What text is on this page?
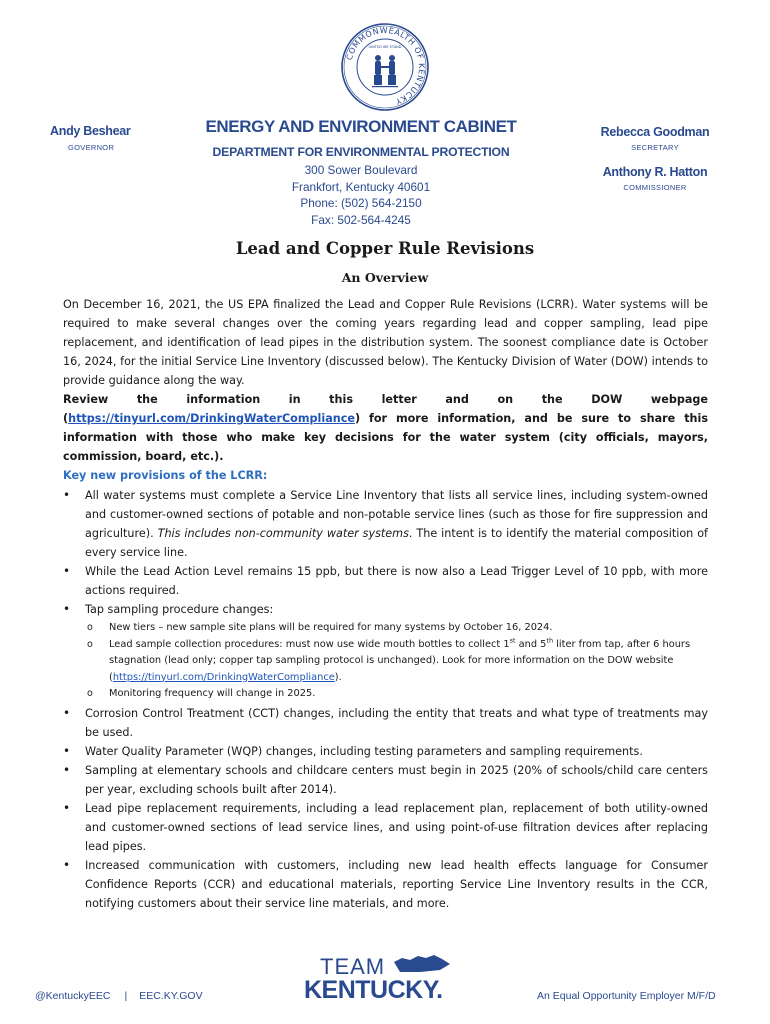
COMMONWEALTH OF KENTUCKY
UNITED WE STAND
Andy Beshear
GOVERNOR
ENERGY AND ENVIRONMENT CABINET
DEPARTMENT FOR ENVIRONMENTAL PROTECTION
300 Sower Boulevard
Frankfort, Kentucky 40601
Phone: (502) 564-2150
Fax: 502-564-4245
Rebecca Goodman
SECRETARY
Anthony R. Hatton
COMMISSIONER
Lead and Copper Rule Revisions
An Overview

On December 16, 2021, the US EPA finalized the Lead and Copper Rule Revisions (LCRR). Water systems will be required to make several changes over the coming years regarding lead and copper sampling, lead pipe replacement, and identification of lead pipes in the distribution system. The soonest compliance date is October 16, 2024, for the initial Service Line Inventory (discussed below). The Kentucky Division of Water (DOW) intends to provide guidance along the way.

Review the information in this letter and on the DOW webpage (https://tinyurl.com/DrinkingWaterCompliance) for more information, and be sure to share this information with those who make key decisions for the water system (city officials, mayors, commission, board, etc.).

Key new provisions of the LCRR:

• All water systems must complete a Service Line Inventory that lists all service lines, including system-owned and customer-owned sections of potable and non-potable service lines (such as those for fire suppression and agriculture). This includes non-community water systems. The intent is to identify the material composition of every service line.
• While the Lead Action Level remains 15 ppb, but there is now also a Lead Trigger Level of 10 ppb, with more actions required.
• Tap sampling procedure changes:
o New tiers – new sample site plans will be required for many systems by October 16, 2024.
o Lead sample collection procedures: must now use wide mouth bottles to collect 1st and 5th liter from tap, after 6 hours stagnation (lead only; copper tap sampling protocol is unchanged). Look for more information on the DOW website (https://tinyurl.com/DrinkingWaterCompliance).
o Monitoring frequency will change in 2025.
• Corrosion Control Treatment (CCT) changes, including the entity that treats and what type of treatments may be used.
• Water Quality Parameter (WQP) changes, including testing parameters and sampling requirements.
• Sampling at elementary schools and childcare centers must begin in 2025 (20% of schools/child care centers per year, excluding schools built after 2014).
• Lead pipe replacement requirements, including a lead replacement plan, replacement of both utility-owned and customer-owned sections of lead service lines, and using point-of-use filtration devices after replacing lead pipes.
• Increased communication with customers, including new lead health effects language for Consumer Confidence Reports (CCR) and educational materials, reporting Service Line Inventory results in the CCR, notifying customers about their service line materials, and more.
@KentuckyEEC | EEC.KY.GOV
TEAM
KENTUCKY.	An Equal Opportunity Employer M/F/D
